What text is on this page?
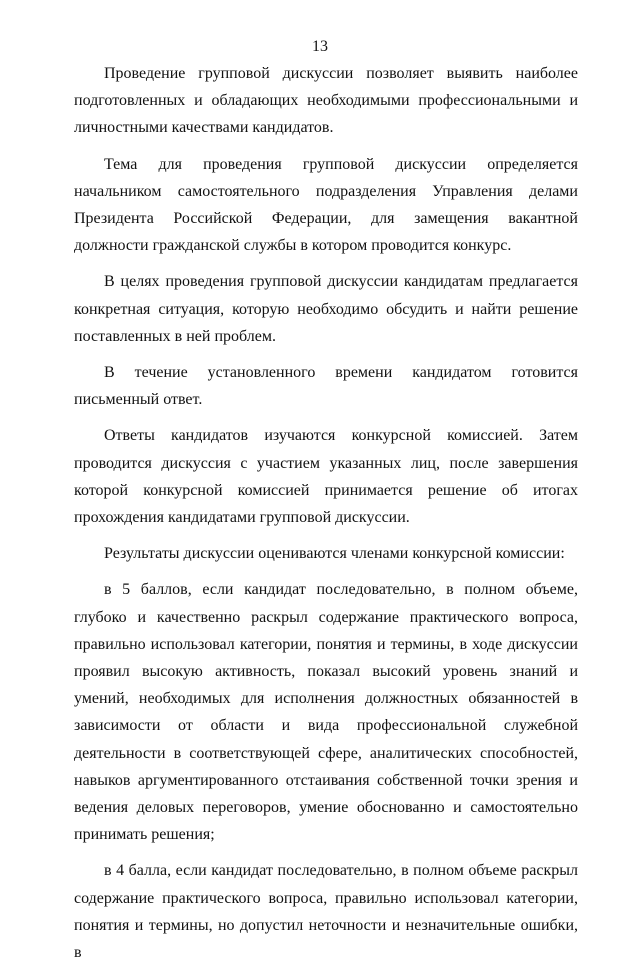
13

Проведение групповой дискуссии позволяет выявить наиболее подготовленных и обладающих необходимыми профессиональными и личностными качествами кандидатов.

Тема для проведения групповой дискуссии определяется начальником самостоятельного подразделения Управления делами Президента Российской Федерации, для замещения вакантной должности гражданской службы в котором проводится конкурс.

В целях проведения групповой дискуссии кандидатам предлагается конкретная ситуация, которую необходимо обсудить и найти решение поставленных в ней проблем.

В течение установленного времени кандидатом готовится письменный ответ.

Ответы кандидатов изучаются конкурсной комиссией. Затем проводится дискуссия с участием указанных лиц, после завершения которой конкурсной комиссией принимается решение об итогах прохождения кандидатами групповой дискуссии.

Результаты дискуссии оцениваются членами конкурсной комиссии:

в 5 баллов, если кандидат последовательно, в полном объеме, глубоко и качественно раскрыл содержание практического вопроса, правильно использовал категории, понятия и термины, в ходе дискуссии проявил высокую активность, показал высокий уровень знаний и умений, необходимых для исполнения должностных обязанностей в зависимости от области и вида профессиональной служебной деятельности в соответствующей сфере, аналитических способностей, навыков аргументированного отстаивания собственной точки зрения и ведения деловых переговоров, умение обоснованно и самостоятельно принимать решения;

в 4 балла, если кандидат последовательно, в полном объеме раскрыл содержание практического вопроса, правильно использовал категории, понятия и термины, но допустил неточности и незначительные ошибки, в
